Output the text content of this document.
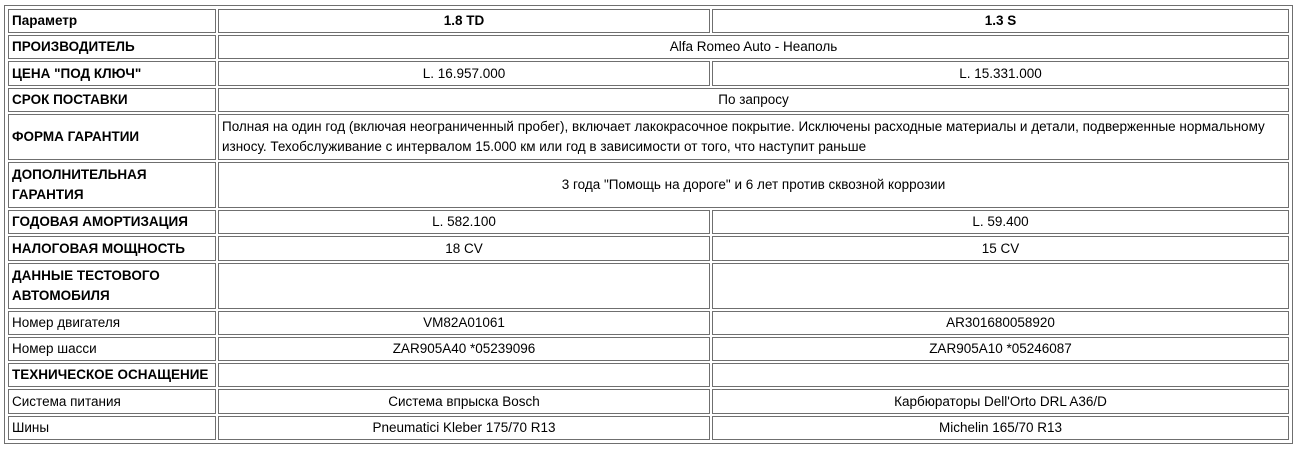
Параметр	1.8 TD	1.3 S
ПРОИЗВОДИТЕЛЬ	Alfa Romeo Auto - Неаполь	
ЦЕНА "ПОД КЛЮЧ"	L. 16.957.000	L. 15.331.000
СРОК ПОСТАВКИ	По запросу	
ФОРМА ГАРАНТИИ	Полная на один год (включая неограниченный пробег), включает лакокрасочное покрытие. Исключены расходные материалы и детали, подверженные нормальному износу. Техобслуживание с интервалом 15.000 км или год в зависимости от того, что наступит раньше	
ДОПОЛНИТЕЛЬНАЯ ГАРАНТИЯ	3 года "Помощь на дороге" и 6 лет против сквозной коррозии	
ГОДОВАЯ АМОРТИЗАЦИЯ	L. 582.100	L. 59.400
НАЛОГОВАЯ МОЩНОСТЬ	18 CV	15 CV
ДАННЫЕ ТЕСТОВОГО АВТОМОБИЛЯ		
Номер двигателя	VM82A01061	AR301680058920
Номер шасси	ZAR905A40 *05239096	ZAR905A10 *05246087
ТЕХНИЧЕСКОЕ ОСНАЩЕНИЕ		
Система питания	Система впрыска Bosch	Карбюраторы Dell'Orto DRL A36/D
Шины	Pneumatici Kleber 175/70 R13	Michelin 165/70 R13
